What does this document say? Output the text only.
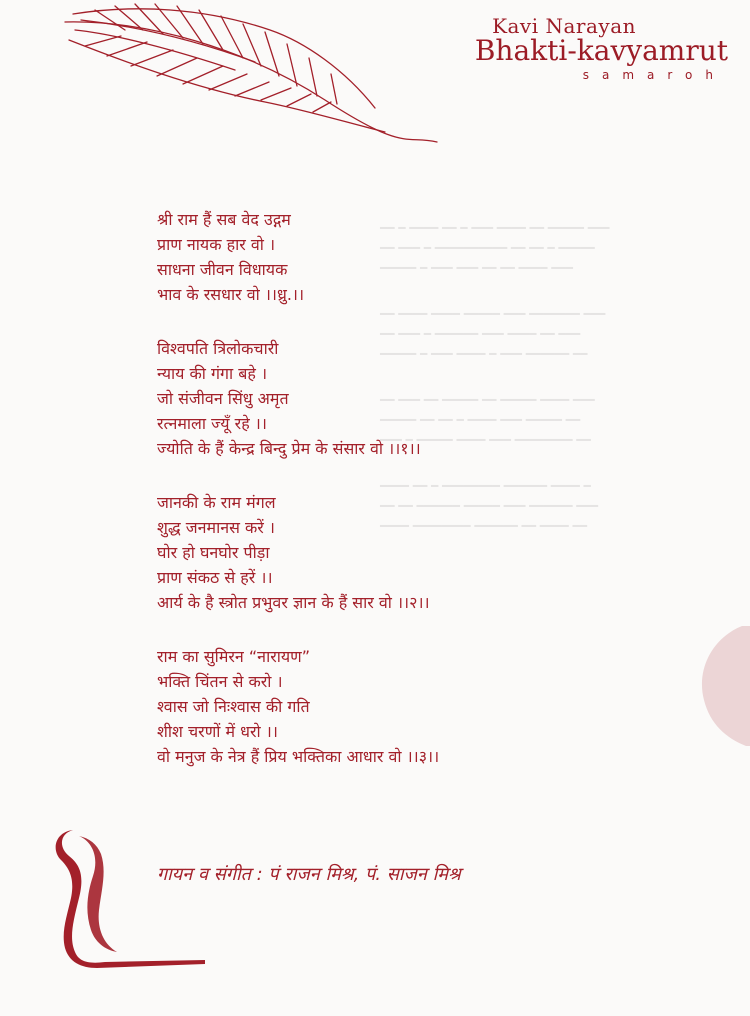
━━ ━ ━━━━ ━━ ━ ━━━ ━━━━ ━━ ━━━━━ ━━━
━━ ━━━ ━ ━━━━━━━━━━ ━━ ━━ ━ ━━━━━
━━━━━ ━ ━━━ ━━━ ━━ ━━ ━━━━ ━━━
━━ ━━━━ ━━━━ ━━━━━ ━━━ ━━━━━━━ ━━━
━━ ━━━ ━ ━━━━━━ ━━━ ━━━━ ━━ ━━━
━━━━━ ━ ━━━ ━━━━ ━ ━━━ ━━━━━━ ━━
━━ ━━━ ━━ ━━━━━ ━━ ━━━━━ ━━━━ ━━━
━━━━━ ━━ ━━ ━ ━━━━ ━━━ ━━━━━ ━━
━━━ ━ ━━━━━ ━━━━ ━━━ ━━━━━━━━ ━━
━━━━ ━━ ━ ━━━━━━━━ ━━━━━━ ━━━━ ━
━━ ━━ ━━━━━━ ━━━━━ ━━━ ━━━━━━ ━━━
━━━━ ━━━━━━━━ ━━━━━━ ━━ ━━━━ ━━
Kavi Narayan
Bhakti-kavyamrut
samaroh
श्री राम हैं सब वेद उद्गम
प्राण नायक हार वो ।
साधना जीवन विधायक
भाव के रसधार वो ।।ध्रु.।।
विश्वपति त्रिलोकचारी
न्याय की गंगा बहे ।
जो संजीवन सिंधु अमृत
रत्नमाला ज्यूँ रहे ।।
ज्योति के हैं केन्द्र बिन्दु प्रेम के संसार वो ।।१।।
जानकी के राम मंगल
शुद्ध जनमानस करें ।
घोर हो घनघोर पीड़ा
प्राण संकठ से हरें ।।
आर्य के है स्त्रोत प्रभुवर ज्ञान के हैं सार वो ।।२।।
राम का सुमिरन “नारायण”
भक्ति चिंतन से करो ।
श्वास जो निःश्वास की गति
शीश चरणों में धरो ।।
वो मनुज के नेत्र हैं प्रिय भक्तिका आधार वो ।।३।।
गायन व संगीत : पं राजन मिश्र, पं. साजन मिश्र
